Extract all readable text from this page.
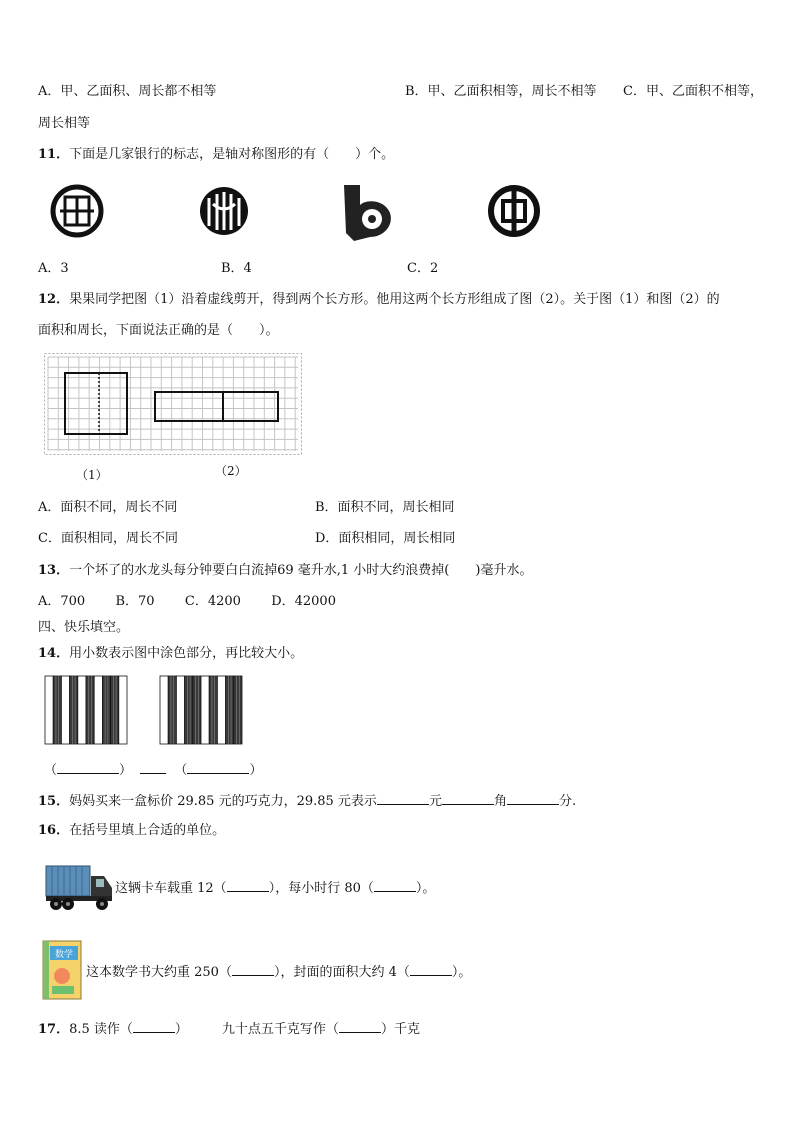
A．甲、乙面积、周长都不相等	B．甲、乙面积相等，周长不相等 C．甲、乙面积不相等，
周长相等
11．下面是几家银行的标志，是轴对称图形的有（　　）个。
A．3	B．4	C．2
12．果果同学把图（1）沿着虚线剪开，得到两个长方形。他用这两个长方形组成了图（2）。关于图（1）和图（2）的
面积和周长，下面说法正确的是（　　）。
（1）	（2）
A．面积不同，周长不同	B．面积不同，周长相同
C．面积相同，周长不同	D．面积相同，周长相同
13．一个坏了的水龙头每分钟要白白流掉69 毫升水,1 小时大约浪费掉(　　)毫升水。
A．700 B．70 C．4200 D．42000
四、快乐填空。
14．用小数表示图中涂色部分，再比较大小。
（	）	（	）
15．妈妈买来一盒标价 29.85 元的巧克力，29.85 元表示	元	角	分.
16．在括号里填上合适的单位。
这辆卡车载重 12（	），每小时行 80（	）。
数学
这本数学书大约重 250（	），封面的面积大约 4（	）。
17．8.5 读作（	）	九十点五千克写作（	）千克
